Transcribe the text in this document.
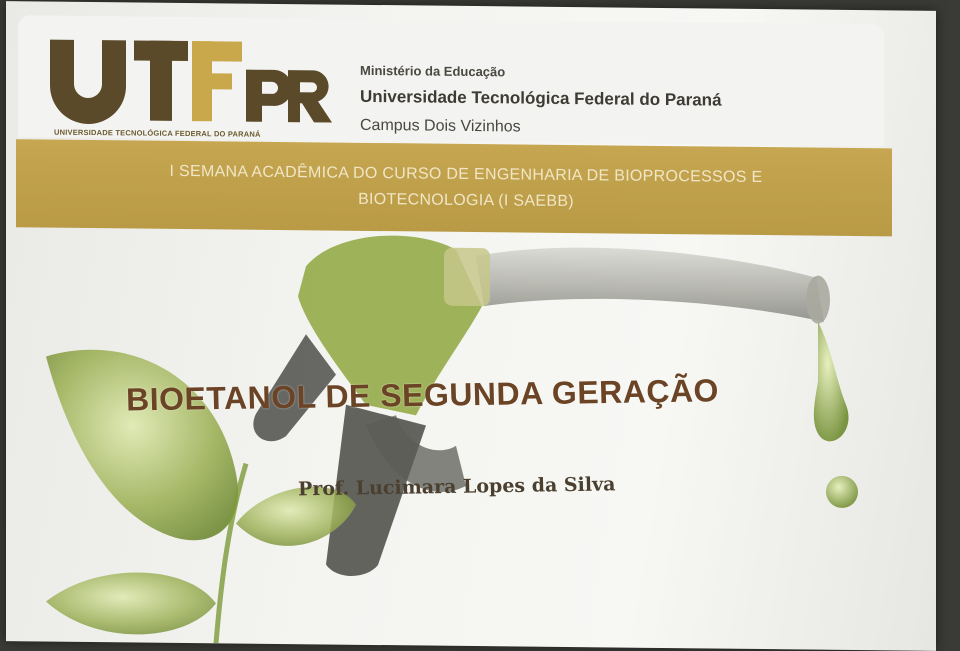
UNIVERSIDADE TECNOLÓGICA FEDERAL DO PARANÁ
Ministério da Educação
Universidade Tecnológica Federal do Paraná
Campus Dois Vizinhos
I SEMANA ACADÊMICA DO CURSO DE ENGENHARIA DE BIOPROCESSOS E
BIOTECNOLOGIA (I SAEBB)
BIOETANOL DE SEGUNDA GERAÇÃO
Prof. Lucimara Lopes da Silva
